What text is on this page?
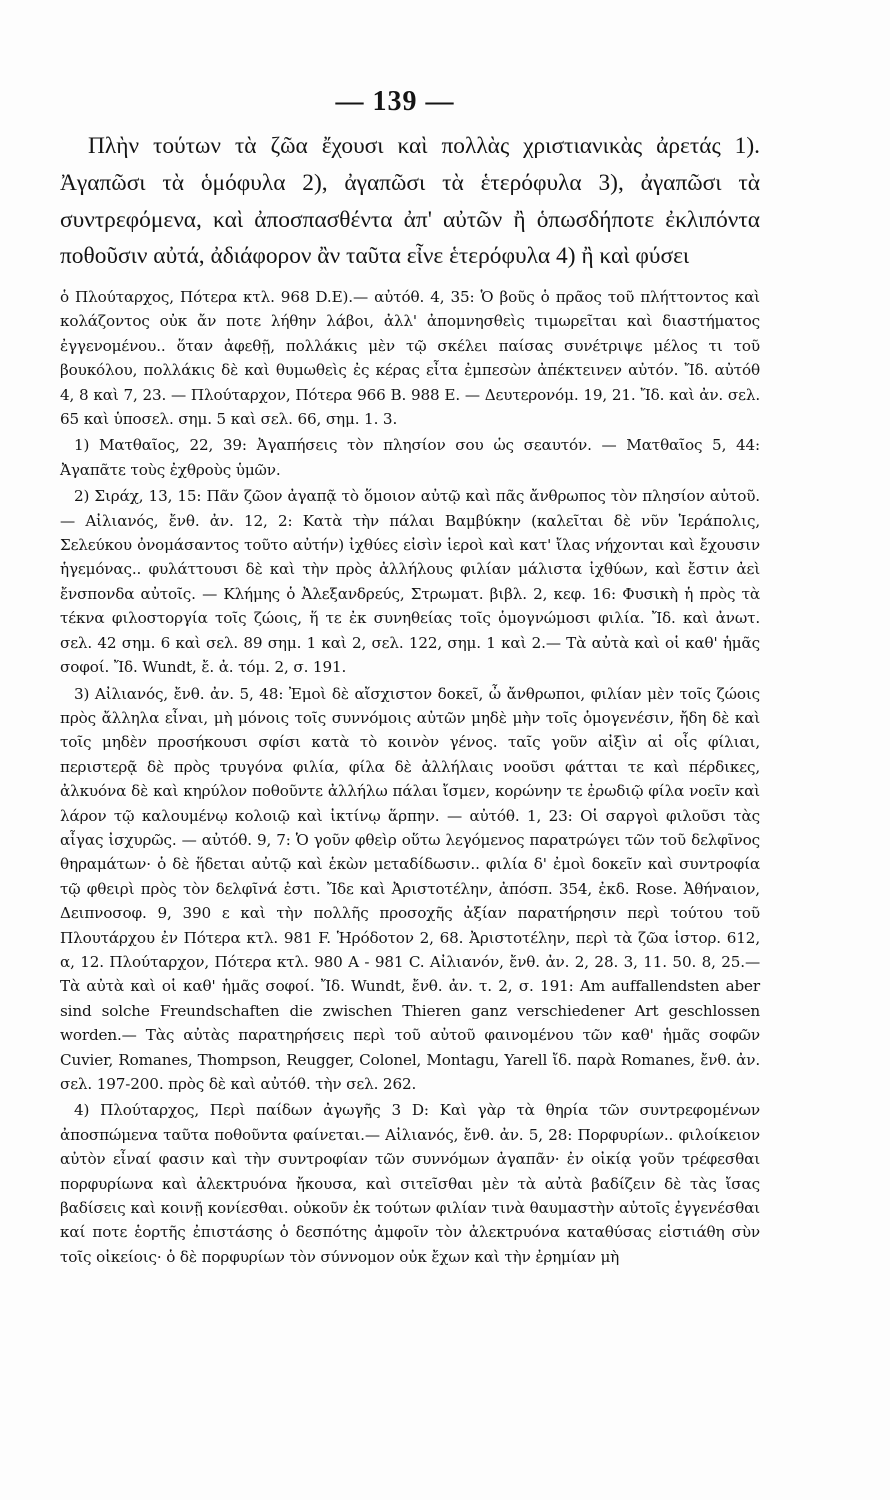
— 139 —

Πλὴν τούτων τὰ ζῶα ἔχουσι καὶ πολλὰς χριστιανικὰς ἀρετάς 1). Ἀγαπῶσι τὰ ὁμόφυλα 2), ἀγαπῶσι τὰ ἑτερόφυλα 3), ἀγαπῶσι τὰ συντρεφόμενα, καὶ ἀποσπασθέντα ἀπ' αὐτῶν ἢ ὁπωσδήποτε ἐκλιπόντα ποθοῦσιν αὐτά, ἀδιάφορον ἂν ταῦτα εἶνε ἑτερόφυλα 4) ἢ καὶ φύσει

ὁ Πλούταρχος, Πότερα κτλ. 968 D.E).— αὐτόθ. 4, 35: Ὁ βοῦς ὁ πρᾶος τοῦ πλήττοντος καὶ κολάζοντος οὐκ ἄν ποτε λήθην λάβοι, ἀλλ' ἀπομνησθεὶς τιμωρεῖται καὶ διαστήματος ἐγγενομένου.. ὅταν ἀφεθῇ, πολλάκις μὲν τῷ σκέλει παίσας συνέτριψε μέλος τι τοῦ βουκόλου, πολλάκις δὲ καὶ θυμωθεὶς ἐς κέρας εἶτα ἐμπεσὼν ἀπέκτεινεν αὐτόν. Ἴδ. αὐτόθ 4, 8 καὶ 7, 23. — Πλούταρχον, Πότερα 966 Β. 988 Ε. — Δευτερονόμ. 19, 21. Ἴδ. καὶ ἀν. σελ. 65 καὶ ὑποσελ. σημ. 5 καὶ σελ. 66, σημ. 1. 3.

1) Ματθαῖος, 22, 39: Ἀγαπήσεις τὸν πλησίον σου ὡς σεαυτόν. — Ματθαῖος 5, 44: Ἀγαπᾶτε τοὺς ἐχθροὺς ὑμῶν.

2) Σιράχ, 13, 15: Πᾶν ζῶον ἀγαπᾷ τὸ ὅμοιον αὐτῷ καὶ πᾶς ἄνθρωπος τὸν πλησίον αὐτοῦ. — Αἰλιανός, ἔνθ. ἀν. 12, 2: Κατὰ τὴν πάλαι Βαμβύκην (καλεῖται δὲ νῦν Ἱεράπολις, Σελεύκου ὀνομάσαντος τοῦτο αὐτήν) ἰχθύες εἰσὶν ἱεροὶ καὶ κατ' ἴλας νήχονται καὶ ἔχουσιν ἡγεμόνας.. φυλάττουσι δὲ καὶ τὴν πρὸς ἀλλήλους φιλίαν μάλιστα ἰχθύων, καὶ ἔστιν ἀεὶ ἔνσπονδα αὐτοῖς. — Κλήμης ὁ Ἀλεξανδρεύς, Στρωματ. βιβλ. 2, κεφ. 16: Φυσικὴ ἡ πρὸς τὰ τέκνα φιλοστοργία τοῖς ζώοις, ἥ τε ἐκ συνηθείας τοῖς ὁμογνώμοσι φιλία. Ἴδ. καὶ ἀνωτ. σελ. 42 σημ. 6 καὶ σελ. 89 σημ. 1 καὶ 2, σελ. 122, σημ. 1 καὶ 2.— Τὰ αὐτὰ καὶ οἱ καθ' ἡμᾶς σοφοί. Ἴδ. Wundt, ἔ. ἀ. τόμ. 2, σ. 191.

3) Αἰλιανός, ἔνθ. ἀν. 5, 48: Ἐμοὶ δὲ αἴσχιστον δοκεῖ, ὦ ἄνθρωποι, φιλίαν μὲν τοῖς ζώοις πρὸς ἄλληλα εἶναι, μὴ μόνοις τοῖς συννόμοις αὐτῶν μηδὲ μὴν τοῖς ὁμογενέσιν, ἤδη δὲ καὶ τοῖς μηδὲν προσήκουσι σφίσι κατὰ τὸ κοινὸν γένος. ταῖς γοῦν αἰξὶν αἱ οἶς φίλιαι, περιστερᾷ δὲ πρὸς τρυγόνα φιλία, φίλα δὲ ἀλλήλαις νοοῦσι φάτται τε καὶ πέρδικες, ἀλκυόνα δὲ καὶ κηρύλον ποθοῦντε ἀλλήλω πάλαι ἴσμεν, κορώνην τε ἐρωδιῷ φίλα νοεῖν καὶ λάρον τῷ καλουμένῳ κολοιῷ καὶ ἰκτίνῳ ἅρπην. — αὐτόθ. 1, 23: Οἱ σαργοὶ φιλοῦσι τὰς αἶγας ἰσχυρῶς. — αὐτόθ. 9, 7: Ὁ γοῦν φθεὶρ οὕτω λεγόμενος παρατρώγει τῶν τοῦ δελφῖνος θηραμάτων· ὁ δὲ ἥδεται αὐτῷ καὶ ἑκὼν μεταδίδωσιν.. φιλία δ' ἐμοὶ δοκεῖν καὶ συντροφία τῷ φθειρὶ πρὸς τὸν δελφῖνά ἐστι. Ἴδε καὶ Ἀριστοτέλην, ἀπόσπ. 354, ἐκδ. Rose. Ἀθήναιον, Δειπνοσοφ. 9, 390 ε καὶ τὴν πολλῆς προσοχῆς ἀξίαν παρατήρησιν περὶ τούτου τοῦ Πλουτάρχου ἐν Πότερα κτλ. 981 F. Ἡρόδοτον 2, 68. Ἀριστοτέλην, περὶ τὰ ζῶα ἱστορ. 612, α, 12. Πλούταρχον, Πότερα κτλ. 980 A - 981 C. Αἰλιανόν, ἔνθ. ἀν. 2, 28. 3, 11. 50. 8, 25.— Τὰ αὐτὰ καὶ οἱ καθ' ἡμᾶς σοφοί. Ἴδ. Wundt, ἔνθ. ἀν. τ. 2, σ. 191: Am auffallendsten aber sind solche Freundschaften die zwischen Thieren ganz verschiedener Art geschlossen worden.— Τὰς αὐτὰς παρατηρήσεις περὶ τοῦ αὐτοῦ φαινομένου τῶν καθ' ἡμᾶς σοφῶν Cuvier, Romanes, Thompson, Reugger, Colonel, Montagu, Yarell ἴδ. παρὰ Romanes, ἔνθ. ἀν. σελ. 197-200. πρὸς δὲ καὶ αὐτόθ. τὴν σελ. 262.

4) Πλούταρχος, Περὶ παίδων ἀγωγῆς 3 D: Καὶ γὰρ τὰ θηρία τῶν συντρεφομένων ἀποσπώμενα ταῦτα ποθοῦντα φαίνεται.— Αἰλιανός, ἔνθ. ἀν. 5, 28: Πορφυρίων.. φιλοίκειον αὐτὸν εἶναί φασιν καὶ τὴν συντροφίαν τῶν συννόμων ἀγαπᾶν· ἐν οἰκίᾳ γοῦν τρέφεσθαι πορφυρίωνα καὶ ἀλεκτρυόνα ἤκουσα, καὶ σιτεῖσθαι μὲν τὰ αὐτὰ βαδίζειν δὲ τὰς ἴσας βαδίσεις καὶ κοινῇ κονίεσθαι. οὐκοῦν ἐκ τούτων φιλίαν τινὰ θαυμαστὴν αὐτοῖς ἐγγενέσθαι καί ποτε ἑορτῆς ἐπιστάσης ὁ δεσπότης ἀμφοῖν τὸν ἀλεκτρυόνα καταθύσας εἱστιάθη σὺν τοῖς οἰκείοις· ὁ δὲ πορφυρίων τὸν σύννομον οὐκ ἔχων καὶ τὴν ἐρημίαν μὴ
